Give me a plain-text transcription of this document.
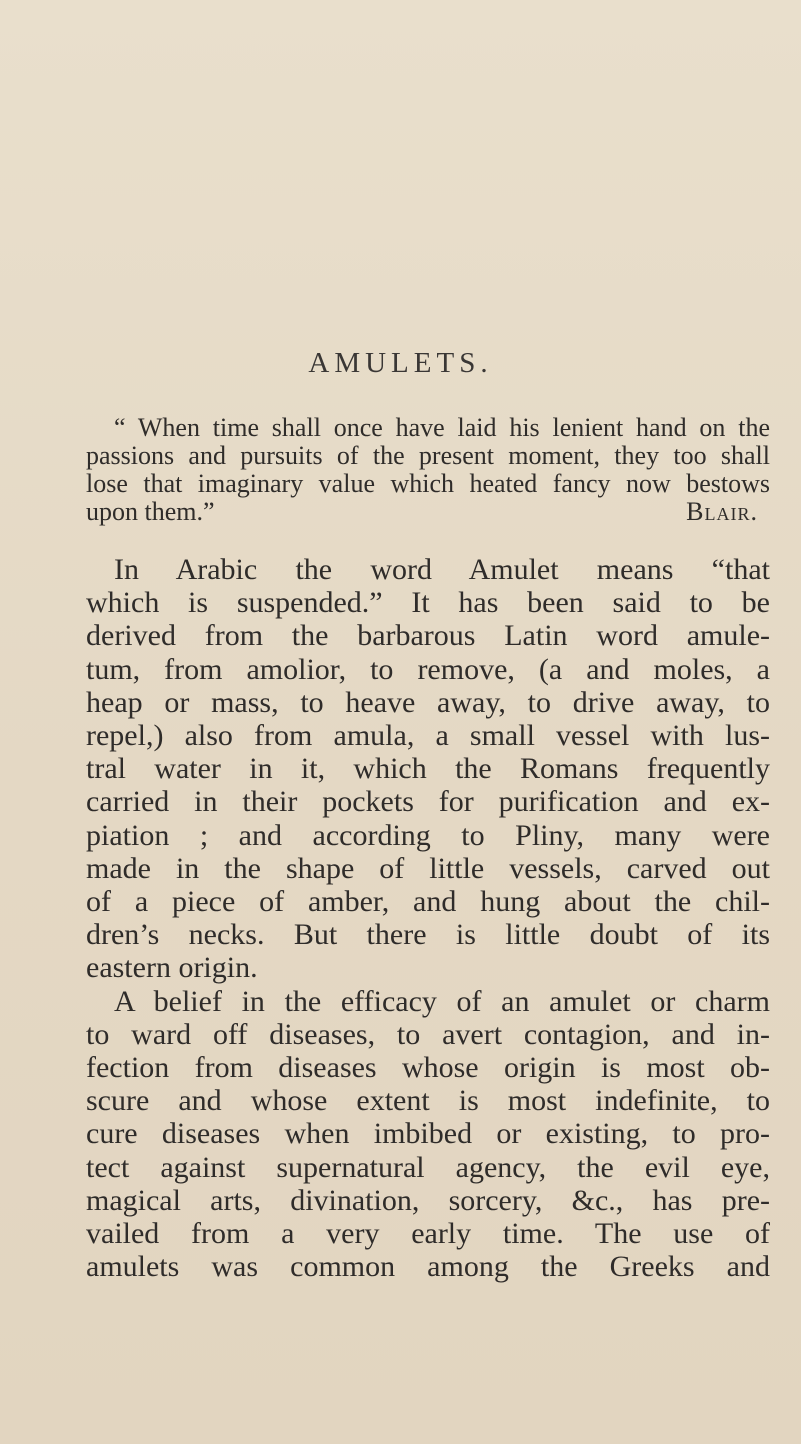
AMULETS.
“ When time shall once have laid his lenient hand on the
passions and pursuits of the present moment, they too shall
lose that imaginary value which heated fancy now bestows
upon them.”	Blair.
In Arabic the word Amulet means “that
which is suspended.” It has been said to be
derived from the barbarous Latin word amule-
tum, from amolior, to remove, (a and moles, a
heap or mass, to heave away, to drive away, to
repel,) also from amula, a small vessel with lus-
tral water in it, which the Romans frequently
carried in their pockets for purification and ex-
piation ; and according to Pliny, many were
made in the shape of little vessels, carved out
of a piece of amber, and hung about the chil-
dren’s necks. But there is little doubt of its
eastern origin.
A belief in the efficacy of an amulet or charm
to ward off diseases, to avert contagion, and in-
fection from diseases whose origin is most ob-
scure and whose extent is most indefinite, to
cure diseases when imbibed or existing, to pro-
tect against supernatural agency, the evil eye,
magical arts, divination, sorcery, &c., has pre-
vailed from a very early time. The use of
amulets was common among the Greeks and
